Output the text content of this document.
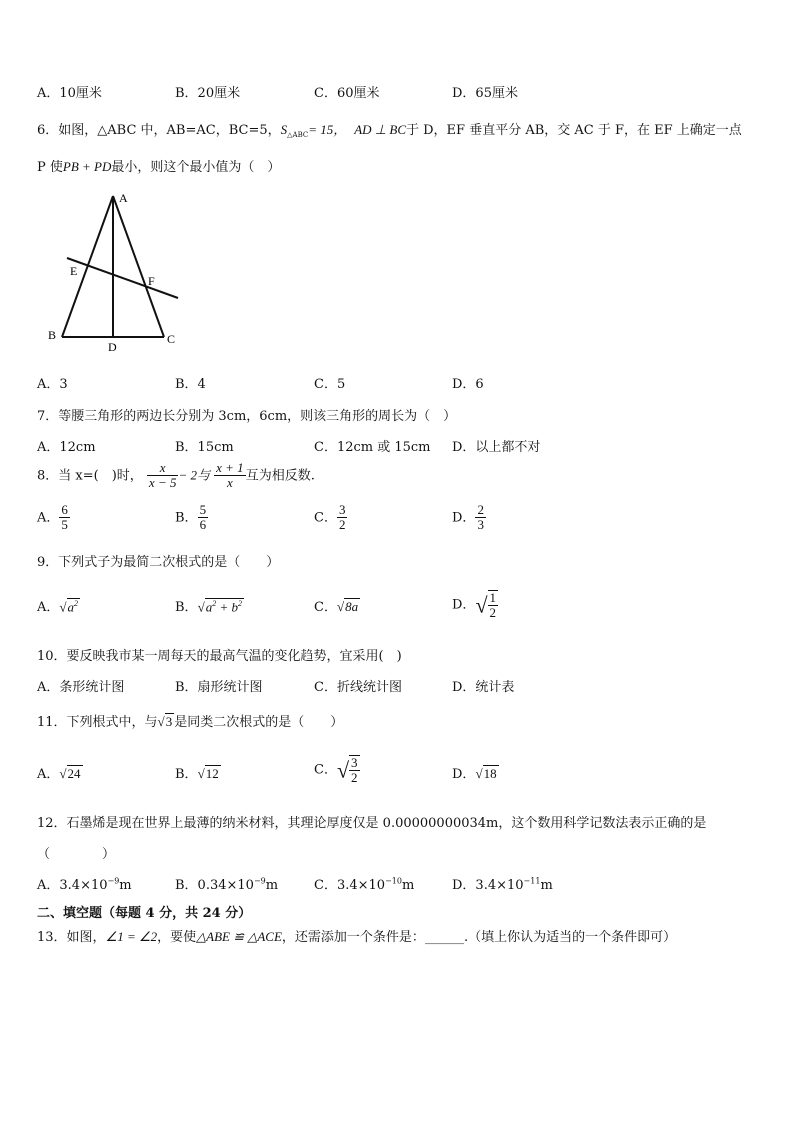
A．10厘米	B．20厘米	C．60厘米	D．65厘米
6．如图，△ABC 中，AB=AC，BC=5，$S_{\triangle ABC}= 15$， AD ⊥ BC于 D，EF 垂直平分 AB，交 AC 于 F，在 EF 上确定一点
P 使PB + PD最小，则这个最小值为（　）
A
B	C
D
E
F
A．3	B．4	C．5	D．6
7．等腰三角形的两边长分别为 3cm，6cm，则该三角形的周长为（　）
A．12cm	B．15cm	C．12cm 或 15cm D．以上都不对
8．当 x=(　)时， $\frac{x}{x - 5} - 2$与 $\frac{x + 1}{x}$ 互为相反数.
A． $\frac{6}{5}$	B． $\frac{5}{6}$	C． $\frac{3}{2}$	D． $\frac{2}{3}$
9．下列式子为最简二次根式的是（　　）
A．$√a^2$	B．$√a^2 + b^2$	C．√8a	D．√ $\frac{1}{2}$
10．要反映我市某一周每天的最高气温的变化趋势，宜采用(　)
A．条形统计图	B．扇形统计图	C．折线统计图	D．统计表
11．下列根式中，与√3 是同类二次根式的是（　　）
A．√24	B．√12	C．√ $\frac{3}{2}$	D．√18
12．石墨烯是现在世界上最薄的纳米材料，其理论厚度仅是 0.00000000034m，这个数用科学记数法表示正确的是
（　　　　）
A．$3.4\times 10^{-9}m$	B．$0.34\times 10^{-9}m$	C．$3.4\times 10^{-10}m$	D．$3.4\times 10^{-11}m$
二、填空题（每题 4 分，共 24 分）
13．如图，∠1 = ∠2，要使△ABE ≌ △ACE，还需添加一个条件是：______.（填上你认为适当的一个条件即可）
